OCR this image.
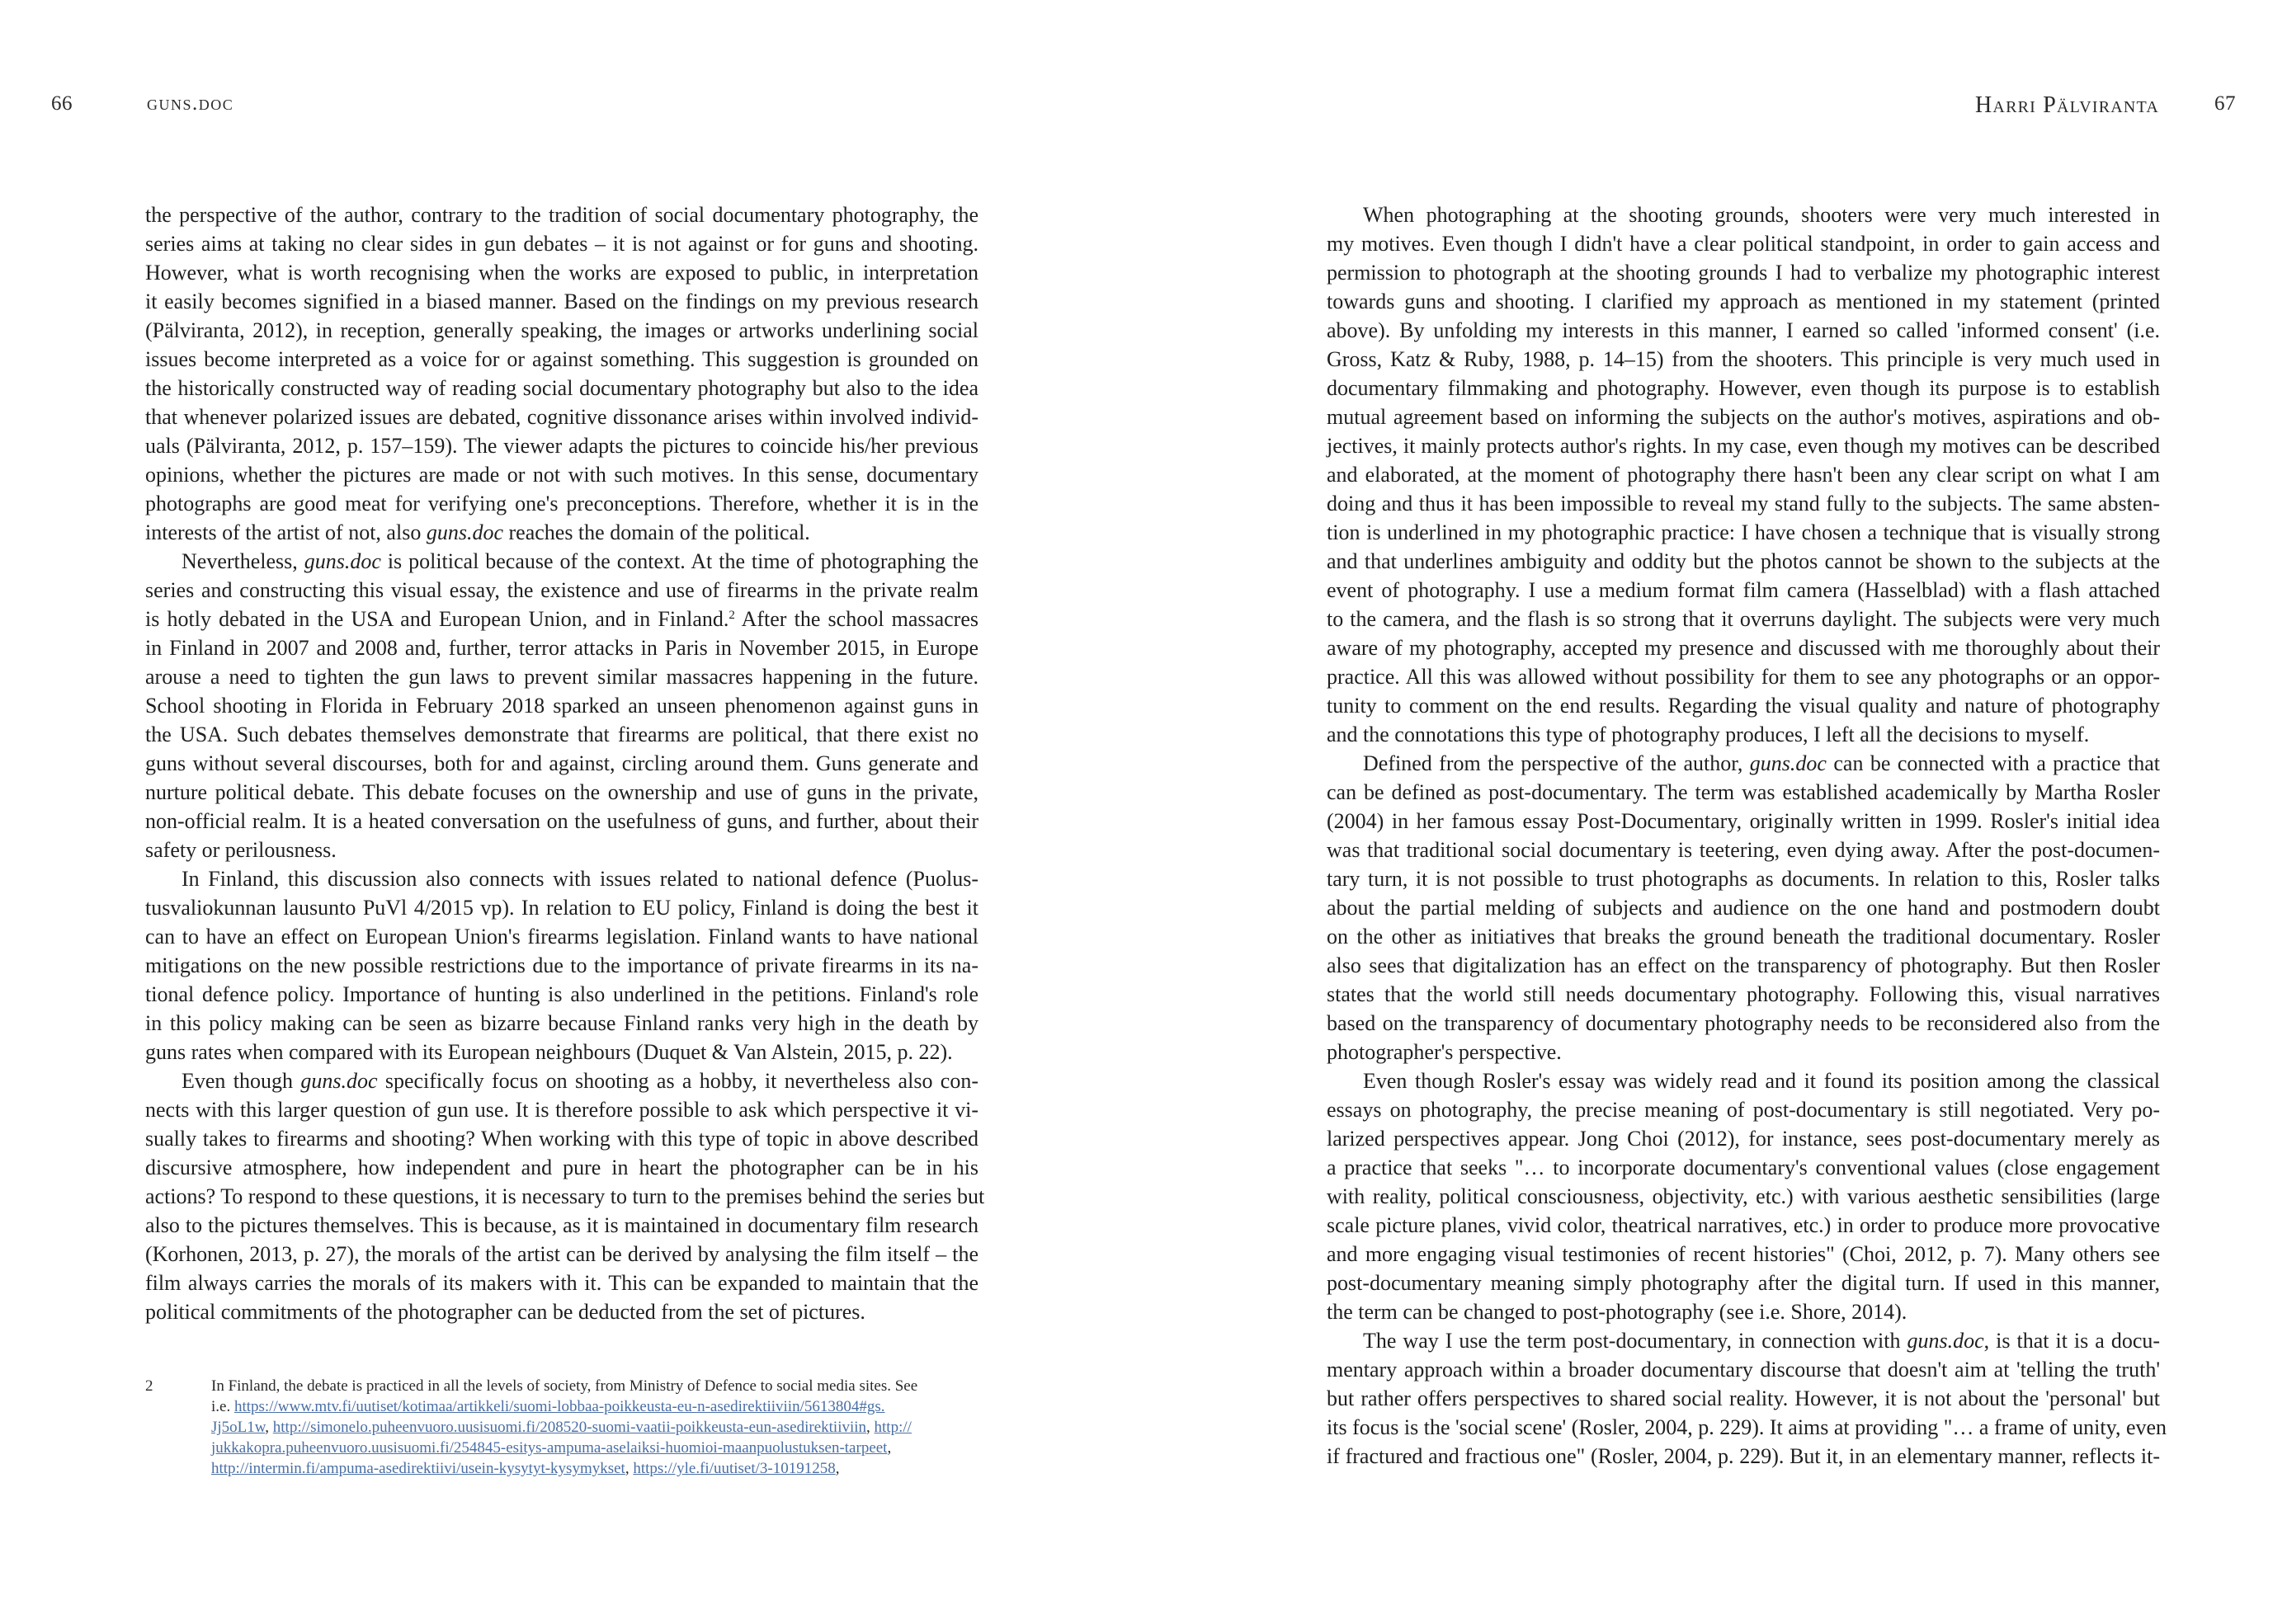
66	guns.doc
the perspective of the author, contrary to the tradition of social documentary photography, the
series aims at taking no clear sides in gun debates – it is not against or for guns and shooting.
However, what is worth recognising when the works are exposed to public, in interpretation
it easily becomes signified in a biased manner. Based on the findings on my previous research
(Pälviranta, 2012), in reception, generally speaking, the images or artworks underlining social
issues become interpreted as a voice for or against something. This suggestion is grounded on
the historically constructed way of reading social documentary photography but also to the idea
that whenever polarized issues are debated, cognitive dissonance arises within involved individ-
uals (Pälviranta, 2012, p. 157–159). The viewer adapts the pictures to coincide his/her previous
opinions, whether the pictures are made or not with such motives. In this sense, documentary
photographs are good meat for verifying one's preconceptions. Therefore, whether it is in the
interests of the artist of not, also guns.doc reaches the domain of the political.
Nevertheless, guns.doc is political because of the context. At the time of photographing the
series and constructing this visual essay, the existence and use of firearms in the private realm
is hotly debated in the USA and European Union, and in Finland.$^2$ After the school massacres
in Finland in 2007 and 2008 and, further, terror attacks in Paris in November 2015, in Europe
arouse a need to tighten the gun laws to prevent similar massacres happening in the future.
School shooting in Florida in February 2018 sparked an unseen phenomenon against guns in
the USA. Such debates themselves demonstrate that firearms are political, that there exist no
guns without several discourses, both for and against, circling around them. Guns generate and
nurture political debate. This debate focuses on the ownership and use of guns in the private,
non-official realm. It is a heated conversation on the usefulness of guns, and further, about their
safety or perilousness.
In Finland, this discussion also connects with issues related to national defence (Puolus-
tusvaliokunnan lausunto PuVl 4/2015 vp). In relation to EU policy, Finland is doing the best it
can to have an effect on European Union's firearms legislation. Finland wants to have national
mitigations on the new possible restrictions due to the importance of private firearms in its na-
tional defence policy. Importance of hunting is also underlined in the petitions. Finland's role
in this policy making can be seen as bizarre because Finland ranks very high in the death by
guns rates when compared with its European neighbours (Duquet & Van Alstein, 2015, p. 22).
Even though guns.doc specifically focus on shooting as a hobby, it nevertheless also con-
nects with this larger question of gun use. It is therefore possible to ask which perspective it vi-
sually takes to firearms and shooting? When working with this type of topic in above described
discursive atmosphere, how independent and pure in heart the photographer can be in his
actions? To respond to these questions, it is necessary to turn to the premises behind the series but
also to the pictures themselves. This is because, as it is maintained in documentary film research
(Korhonen, 2013, p. 27), the morals of the artist can be derived by analysing the film itself – the
film always carries the morals of its makers with it. This can be expanded to maintain that the
political commitments of the photographer can be deducted from the set of pictures.
2	In Finland, the debate is practiced in all the levels of society, from Ministry of Defence to social media sites. See
i.e. https://www.mtv.fi/uutiset/kotimaa/artikkeli/suomi-lobbaa-poikkeusta-eu-n-asedirektiiviin/5613804#gs.
Jj5oL1w, http://simonelo.puheenvuoro.uusisuomi.fi/208520-suomi-vaatii-poikkeusta-eun-asedirektiiviin, http://
jukkakopra.puheenvuoro.uusisuomi.fi/254845-esitys-ampuma-aselaiksi-huomioi-maanpuolustuksen-tarpeet,
http://intermin.fi/ampuma-asedirektiivi/usein-kysytyt-kysymykset, https://yle.fi/uutiset/3-10191258,
Harri Pälviranta	67
When photographing at the shooting grounds, shooters were very much interested in
my motives. Even though I didn't have a clear political standpoint, in order to gain access and
permission to photograph at the shooting grounds I had to verbalize my photographic interest
towards guns and shooting. I clarified my approach as mentioned in my statement (printed
above). By unfolding my interests in this manner, I earned so called 'informed consent' (i.e.
Gross, Katz & Ruby, 1988, p. 14–15) from the shooters. This principle is very much used in
documentary filmmaking and photography. However, even though its purpose is to establish
mutual agreement based on informing the subjects on the author's motives, aspirations and ob-
jectives, it mainly protects author's rights. In my case, even though my motives can be described
and elaborated, at the moment of photography there hasn't been any clear script on what I am
doing and thus it has been impossible to reveal my stand fully to the subjects. The same absten-
tion is underlined in my photographic practice: I have chosen a technique that is visually strong
and that underlines ambiguity and oddity but the photos cannot be shown to the subjects at the
event of photography. I use a medium format film camera (Hasselblad) with a flash attached
to the camera, and the flash is so strong that it overruns daylight. The subjects were very much
aware of my photography, accepted my presence and discussed with me thoroughly about their
practice. All this was allowed without possibility for them to see any photographs or an oppor-
tunity to comment on the end results. Regarding the visual quality and nature of photography
and the connotations this type of photography produces, I left all the decisions to myself.
Defined from the perspective of the author, guns.doc can be connected with a practice that
can be defined as post-documentary. The term was established academically by Martha Rosler
(2004) in her famous essay Post-Documentary, originally written in 1999. Rosler's initial idea
was that traditional social documentary is teetering, even dying away. After the post-documen-
tary turn, it is not possible to trust photographs as documents. In relation to this, Rosler talks
about the partial melding of subjects and audience on the one hand and postmodern doubt
on the other as initiatives that breaks the ground beneath the traditional documentary. Rosler
also sees that digitalization has an effect on the transparency of photography. But then Rosler
states that the world still needs documentary photography. Following this, visual narratives
based on the transparency of documentary photography needs to be reconsidered also from the
photographer's perspective.
Even though Rosler's essay was widely read and it found its position among the classical
essays on photography, the precise meaning of post-documentary is still negotiated. Very po-
larized perspectives appear. Jong Choi (2012), for instance, sees post-documentary merely as
a practice that seeks "… to incorporate documentary's conventional values (close engagement
with reality, political consciousness, objectivity, etc.) with various aesthetic sensibilities (large
scale picture planes, vivid color, theatrical narratives, etc.) in order to produce more provocative
and more engaging visual testimonies of recent histories" (Choi, 2012, p. 7). Many others see
post-documentary meaning simply photography after the digital turn. If used in this manner,
the term can be changed to post-photography (see i.e. Shore, 2014).
The way I use the term post-documentary, in connection with guns.doc, is that it is a docu-
mentary approach within a broader documentary discourse that doesn't aim at 'telling the truth'
but rather offers perspectives to shared social reality. However, it is not about the 'personal' but
its focus is the 'social scene' (Rosler, 2004, p. 229). It aims at providing "… a frame of unity, even
if fractured and fractious one" (Rosler, 2004, p. 229). But it, in an elementary manner, reflects it-
